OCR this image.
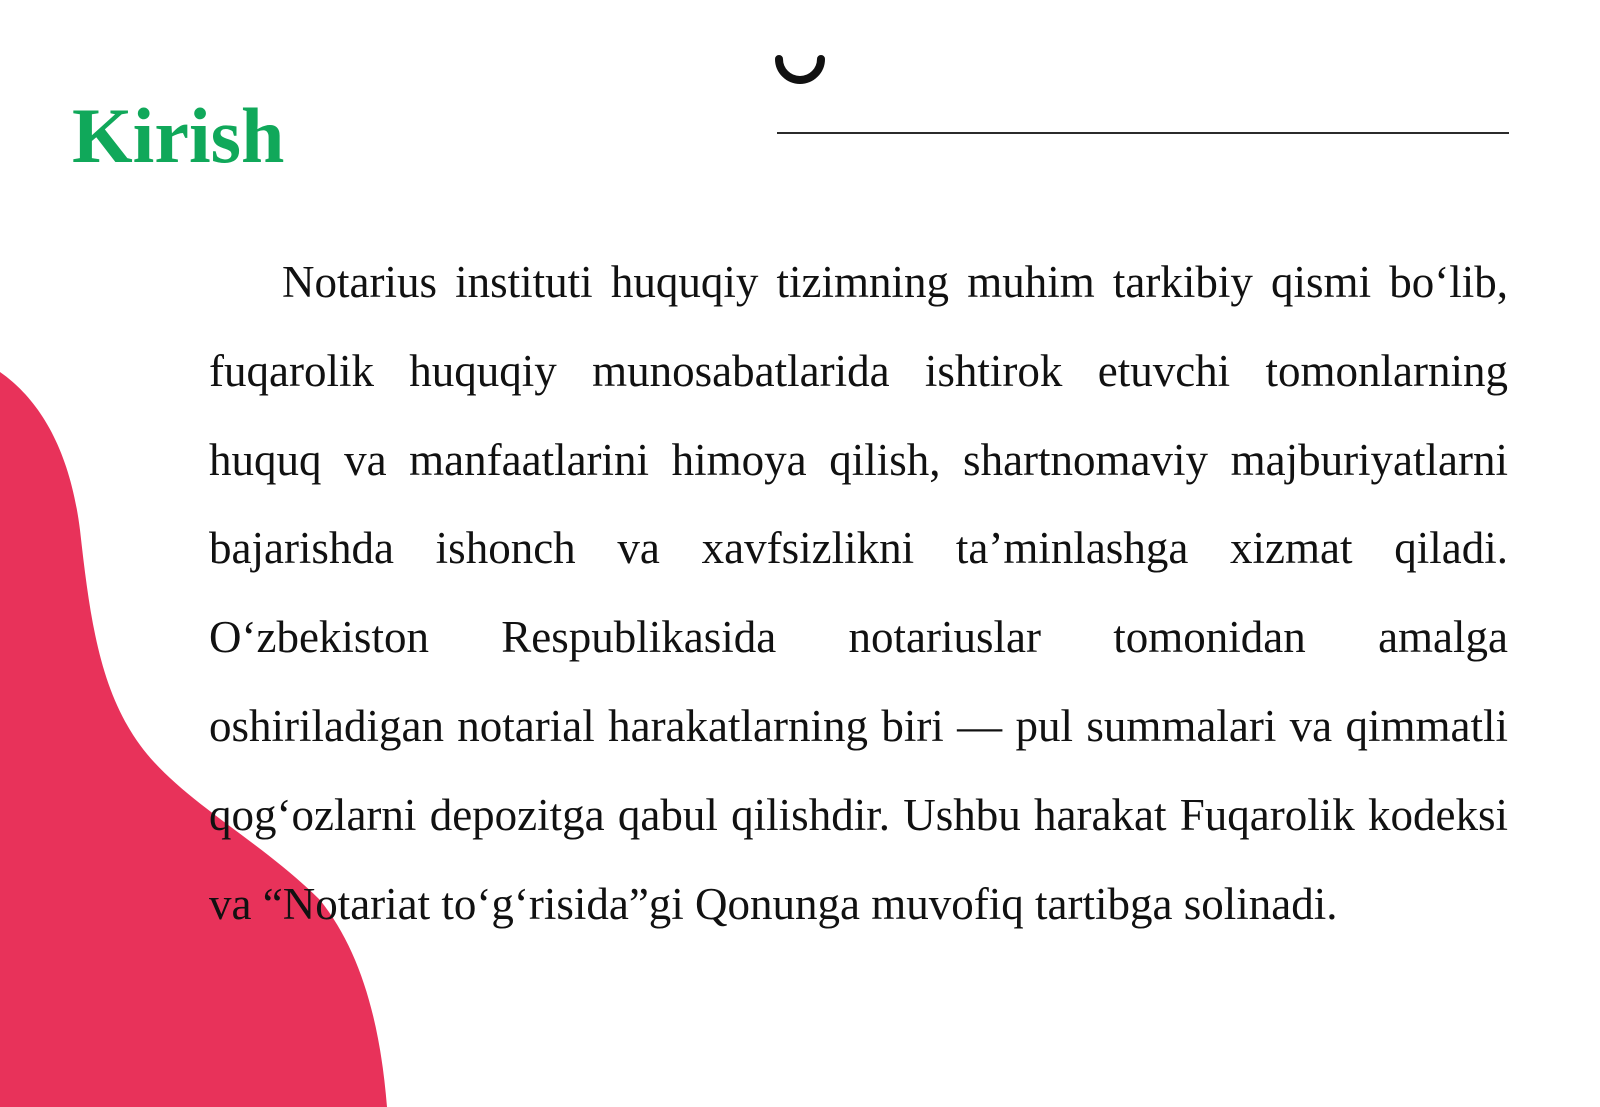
Kirish

Notarius instituti huquqiy tizimning muhim tarkibiy qismi bo‘lib, fuqarolik huquqiy munosabatlarida ishtirok etuvchi tomonlarning huquq va manfaatlarini himoya qilish, shartnomaviy majburiyatlarni bajarishda ishonch va xavfsizlikni ta’minlashga xizmat qiladi. O‘zbekiston Respublikasida notariuslar tomonidan amalga oshiriladigan notarial harakatlarning biri — pul summalari va qimmatli qog‘ozlarni depozitga qabul qilishdir. Ushbu harakat Fuqarolik kodeksi va “Notariat to‘g‘risida”gi Qonunga muvofiq tartibga solinadi.
